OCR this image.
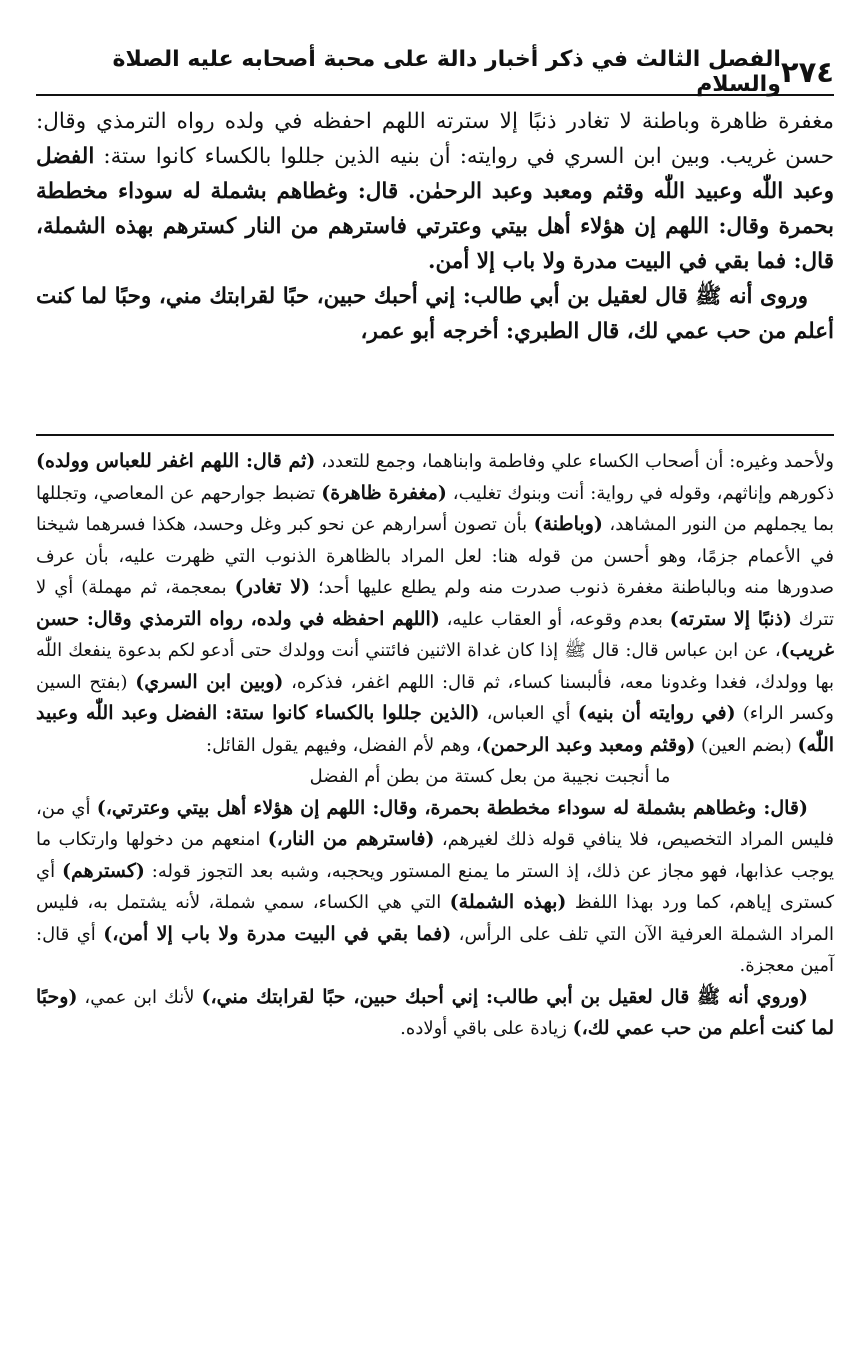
٢٧٤
الفصل الثالث في ذكر أخبار دالة على محبة أصحابه عليه الصلاة والسلام

مغفرة ظاهرة وباطنة لا تغادر ذنبًا إلا سترته اللهم احفظه في ولده رواه الترمذي وقال: حسن غريب. وبين ابن السري في روايته: أن بنيه الذين جللوا بالكساء كانوا ستة: الفضل وعبد اللّٰه وعبيد اللّٰه وقثم ومعبد وعبد الرحمٰن. قال: وغطاهم بشملة له سوداء مخططة بحمرة وقال: اللهم إن هؤلاء أهل بيتي وعترتي فاسترهم من النار كسترهم بهذه الشملة، قال: فما بقي في البيت مدرة ولا باب إلا أمن.

وروى أنه ﷺ قال لعقيل بن أبي طالب: إني أحبك حبين، حبًا لقرابتك مني، وحبًا لما كنت أعلم من حب عمي لك، قال الطبري: أخرجه أبو عمر،

ولأحمد وغيره: أن أصحاب الكساء علي وفاطمة وابناهما، وجمع للتعدد، (ثم قال: اللهم اغفر للعباس وولده) ذكورهم وإناثهم، وقوله في رواية: أنت وبنوك تغليب، (مغفرة ظاهرة) تضبط جوارحهم عن المعاصي، وتجللها بما يجملهم من النور المشاهد، (وباطنة) بأن تصون أسرارهم عن نحو كبر وغل وحسد، هكذا فسرهما شيخنا في الأعمام جزمًا، وهو أحسن من قوله هنا: لعل المراد بالظاهرة الذنوب التي ظهرت عليه، بأن عرف صدورها منه وبالباطنة مغفرة ذنوب صدرت منه ولم يطلع عليها أحد؛ (لا تغادر) بمعجمة، ثم مهملة) أي لا تترك (ذنبًا إلا سترته) بعدم وقوعه، أو العقاب عليه، (اللهم احفظه في ولده، رواه الترمذي وقال: حسن غريب)، عن ابن عباس قال: قال ﷺ إذا كان غداة الاثنين فائتني أنت وولدك حتى أدعو لكم بدعوة ينفعك اللّٰه بها وولدك، فغدا وغدونا معه، فألبسنا كساء، ثم قال: اللهم اغفر، فذكره، (وبين ابن السري) (بفتح السين وكسر الراء) (في روايته أن بنيه) أي العباس، (الذين جللوا بالكساء كانوا ستة: الفضل وعبد اللّٰه وعبيد اللّٰه) (بضم العين) (وقثم ومعبد وعبد الرحمن)، وهم لأم الفضل، وفيهم يقول القائل:

ما أنجبت نجيبة من بعل كستة من بطن أم الفضل

(قال: وغطاهم بشملة له سوداء مخططة بحمرة، وقال: اللهم إن هؤلاء أهل بيتي وعترتي،) أي من، فليس المراد التخصيص، فلا ينافي قوله ذلك لغيرهم، (فاسترهم من النار،) امنعهم من دخولها وارتكاب ما يوجب عذابها، فهو مجاز عن ذلك، إذ الستر ما يمنع المستور ويحجبه، وشبه بعد التجوز قوله: (كسترهم) أي كسترى إياهم، كما ورد بهذا اللفظ (بهذه الشملة) التي هي الكساء، سمي شملة، لأنه يشتمل به، فليس المراد الشملة العرفية الآن التي تلف على الرأس، (فما بقي في البيت مدرة ولا باب إلا أمن،) أي قال: آمين معجزة.

(وروي أنه ﷺ قال لعقيل بن أبي طالب: إني أحبك حبين، حبًا لقرابتك مني،) لأنك ابن عمي، (وحبًا لما كنت أعلم من حب عمي لك،) زيادة على باقي أولاده.
